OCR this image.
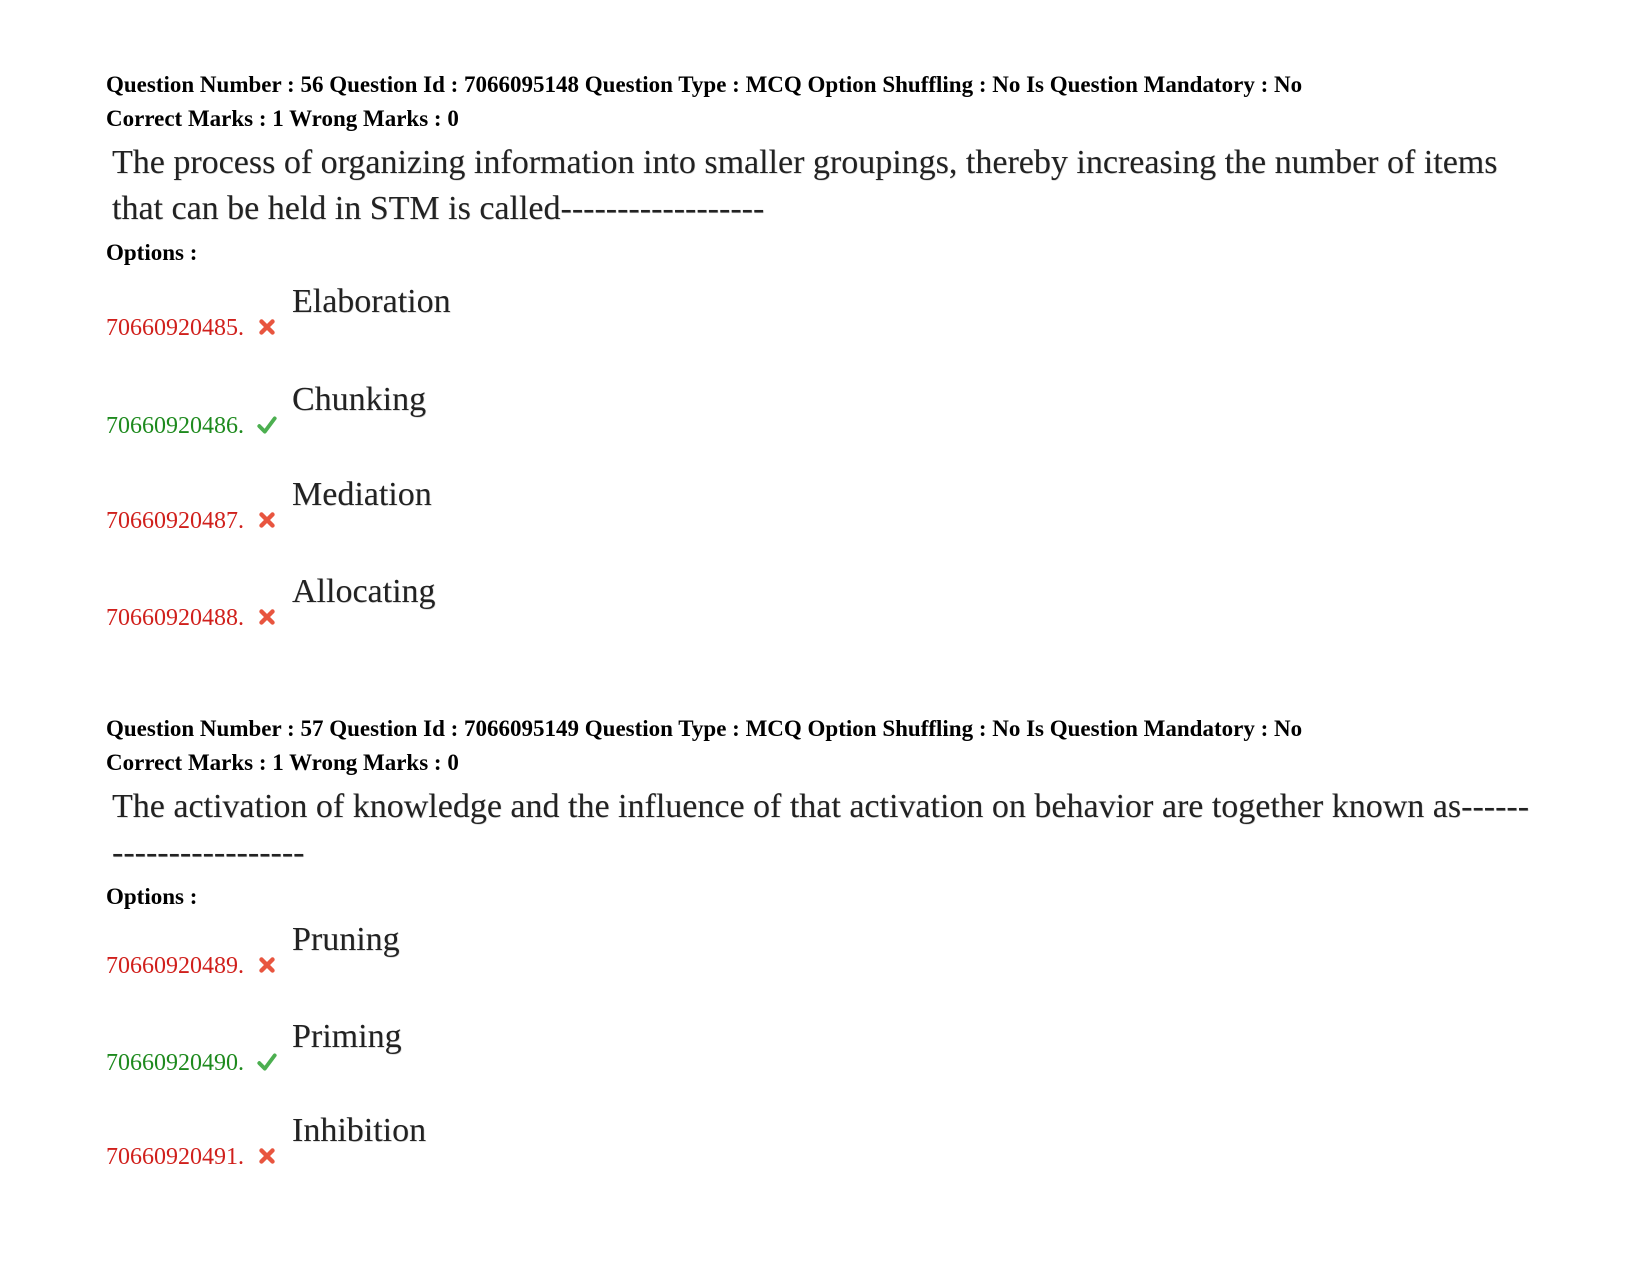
Question Number : 56 Question Id : 7066095148 Question Type : MCQ Option Shuffling : No Is Question Mandatory : No
Correct Marks : 1 Wrong Marks : 0
The process of organizing information into smaller groupings, thereby increasing the number of items that can be held in STM is called------------------
Options :
70660920485.
Elaboration
70660920486.
Chunking
70660920487.
Mediation
70660920488.
Allocating
Question Number : 57 Question Id : 7066095149 Question Type : MCQ Option Shuffling : No Is Question Mandatory : No
Correct Marks : 1 Wrong Marks : 0
The activation of knowledge and the influence of that activation on behavior are together known as-----------------------
Options :
70660920489.
Pruning
70660920490.
Priming
70660920491.
Inhibition
